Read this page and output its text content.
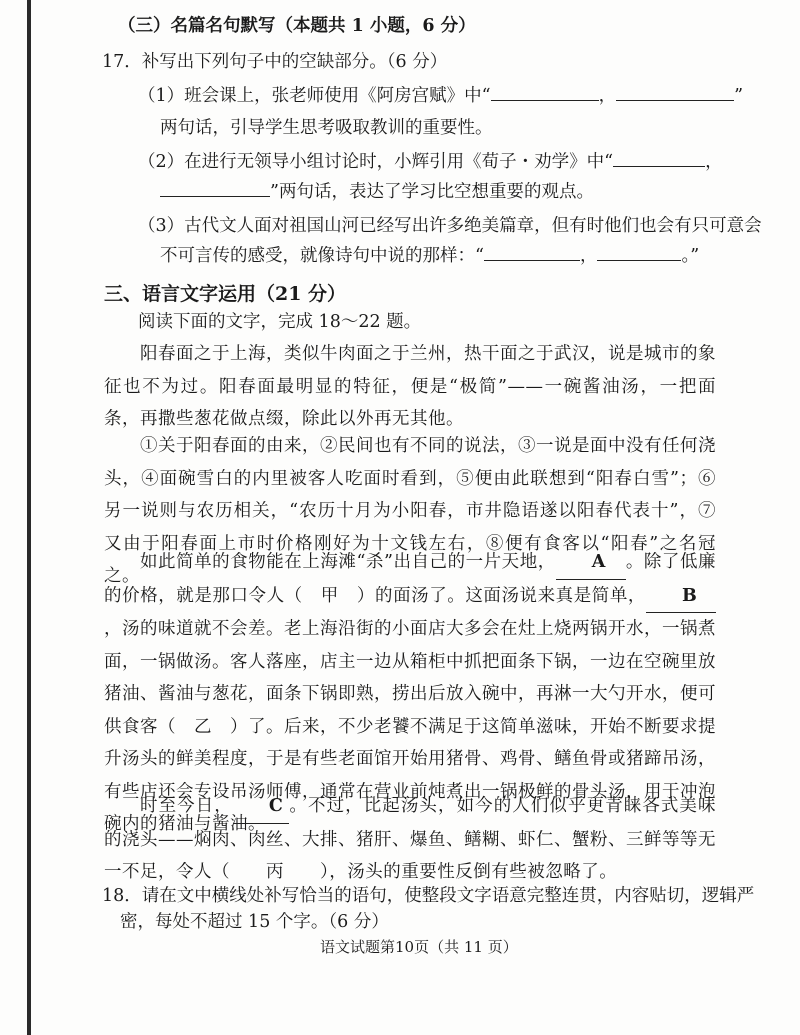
（三）名篇名句默写（本题共 1 小题，6 分）
17．补写出下列句子中的空缺部分。（6 分）
（1）班会课上，张老师使用《阿房宫赋》中“	，	”
两句话，引导学生思考吸取教训的重要性。
（2）在进行无领导小组讨论时，小辉引用《荀子・劝学》中“	，
”两句话，表达了学习比空想重要的观点。
（3）古代文人面对祖国山河已经写出许多绝美篇章，但有时他们也会有只可意会
不可言传的感受，就像诗句中说的那样：“	，	。”
三、语言文字运用（21 分）
阅读下面的文字，完成 18～22 题。
阳春面之于上海，类似牛肉面之于兰州，热干面之于武汉，说是城市的象征也不为过。阳春面最明显的特征，便是“极简”——一碗酱油汤，一把面条，再撒些葱花做点缀，除此以外再无其他。
①关于阳春面的由来，②民间也有不同的说法，③一说是面中没有任何浇头，④面碗雪白的内里被客人吃面时看到，⑤便由此联想到“阳春白雪”；⑥另一说则与农历相关，“农历十月为小阳春，市井隐语遂以阳春代表十”，⑦又由于阳春面上市时价格刚好为十文钱左右，⑧便有食客以“阳春”之名冠之。
如此简单的食物能在上海滩“杀”出自己的一片天地， A 。除了低廉的价格，就是那口令人（　甲　）的面汤了。这面汤说来真是简单， B，汤的味道就不会差。老上海沿街的小面店大多会在灶上烧两锅开水，一锅煮面，一锅做汤。客人落座，店主一边从箱柜中抓把面条下锅，一边在空碗里放猪油、酱油与葱花，面条下锅即熟，捞出后放入碗中，再淋一大勺开水，便可供食客（　乙　）了。后来，不少老饕不满足于这简单滋味，开始不断要求提升汤头的鲜美程度，于是有些老面馆开始用猪骨、鸡骨、鳝鱼骨或猪蹄吊汤，有些店还会专设吊汤师傅，通常在营业前炖煮出一锅极鲜的骨头汤，用于冲泡碗内的猪油与酱油。
时至今日， C 。不过，比起汤头，如今的人们似乎更青睐各式美味的浇头——焖肉、肉丝、大排、猪肝、爆鱼、鳝糊、虾仁、蟹粉、三鲜等等无一不足，令人（　　丙　　），汤头的重要性反倒有些被忽略了。
18．请在文中横线处补写恰当的语句，使整段文字语意完整连贯，内容贴切，逻辑严
密，每处不超过 15 个字。（6 分）
语文试题第10页（共 11 页）
